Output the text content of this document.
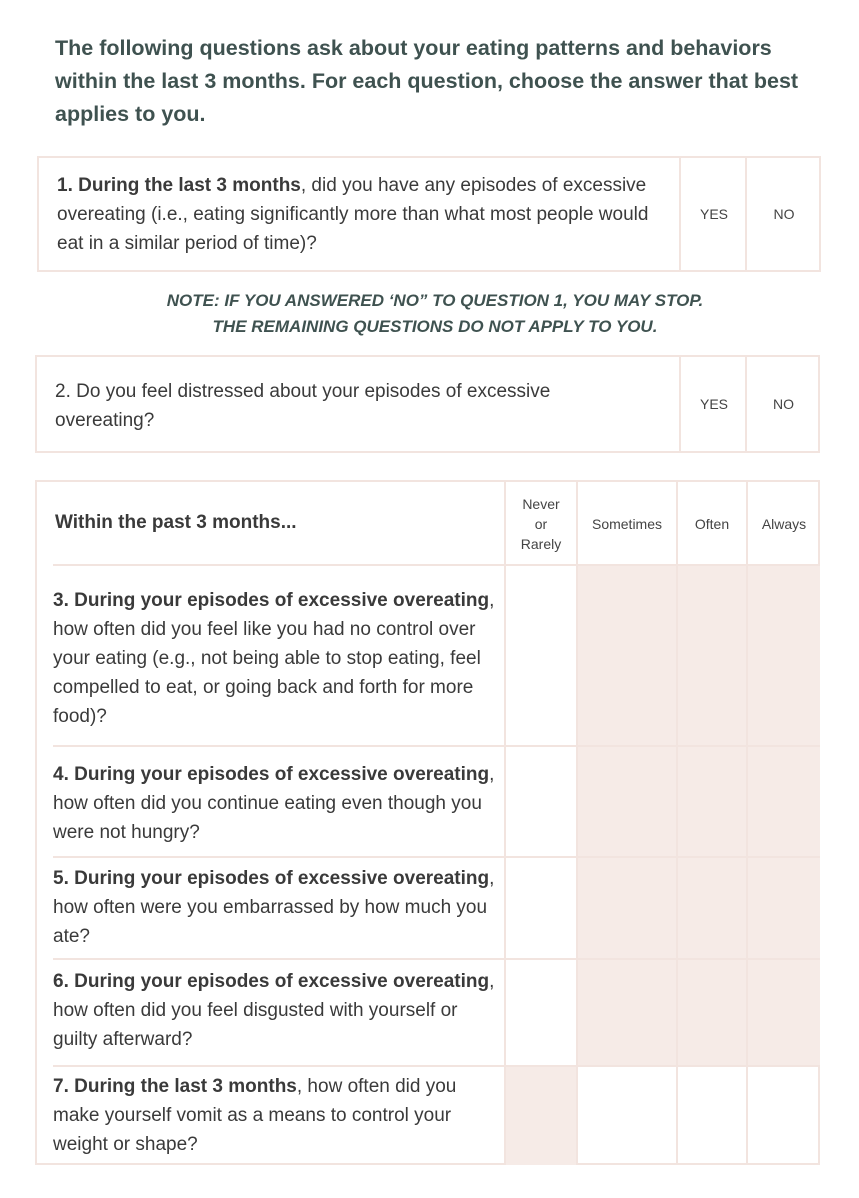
The following questions ask about your eating patterns and behaviors within the last 3 months. For each question, choose the answer that best applies to you.

1. During the last 3 months, did you have any episodes of excessive overeating (i.e., eating significantly more than what most people would eat in a similar period of time)?

YES	NO

NOTE: IF YOU ANSWERED ‘NO” TO QUESTION 1, YOU MAY STOP.
THE REMAINING QUESTIONS DO NOT APPLY TO YOU.

2. Do you feel distressed about your episodes of excessive overeating?

YES	NO
Within the past 3 months...
Never
or
Rarely
Sometimes	Often	Always

3. During your episodes of excessive overeating, how often did you feel like you had no control over your eating (e.g., not being able to stop eating, feel compelled to eat, or going back and forth for more food)?

4. During your episodes of excessive overeating, how often did you continue eating even though you were not hungry?

5. During your episodes of excessive overeating, how often were you embarrassed by how much you ate?

6. During your episodes of excessive overeating, how often did you feel disgusted with yourself or guilty afterward?

7. During the last 3 months, how often did you make yourself vomit as a means to control your weight or shape?
